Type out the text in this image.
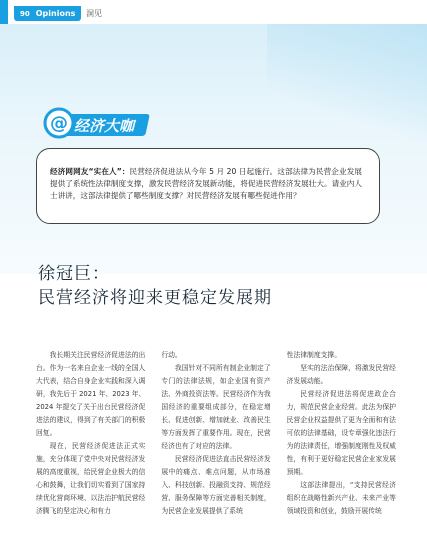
90 Opinions 洞见
@ 经济大咖
经济网网友“实在人”：民营经济促进法从今年 5 月 20 日起施行。这部法律为民营企业发展提供了系统性法律制度支撑，激发民营经济发展新动能，将促进民营经济发展壮大。请业内人士讲讲，这部法律提供了哪些制度支撑？对民营经济发展有哪些促进作用？
徐冠巨：
民营经济将迎来更稳定发展期

我长期关注民营经济促进法的出台。作为一名来自企业一线的全国人大代表，结合自身企业实践和深入调研，我先后于 2021 年、2023 年、2024 年提交了关于出台民营经济促进法的建议，得到了有关部门的积极回复。

现在，民营经济促进法正式实施，充分体现了党中央对民营经济发展的高度重视，给民营企业极大的信心和鼓舞，让我们切实看到了国家持续优化营商环境、以法治护航民营经济腾飞的坚定决心和有力

行动。

我国针对不同所有制企业制定了专门的法律法规，如企业国有资产法、外商投资法等。民营经济作为我国经济的重要组成部分，在稳定增长、促进创新、增加就业、改善民生等方面发挥了重要作用。现在，民营经济也有了对应的法律。

民营经济促进法直击民营经济发展中的痛点、难点问题，从市场准入、科技创新、投融资支持、规范经营、服务保障等方面完善相关制度，为民营企业发展提供了系统

性法律制度支撑。

坚实的法治保障，将激发民营经济发展动能。

民营经济促进法将促进政企合力，规范民营企业经营。此法为保护民营企业权益提供了更为全面和有法可依的法律基础，设专章强化违法行为的法律责任，增强制度刚性及权威性，有利于更好稳定民营企业家发展预期。

这部法律提出，“支持民营经济组织在战略性新兴产业、未来产业等领域投资和创业，鼓励开展传统
